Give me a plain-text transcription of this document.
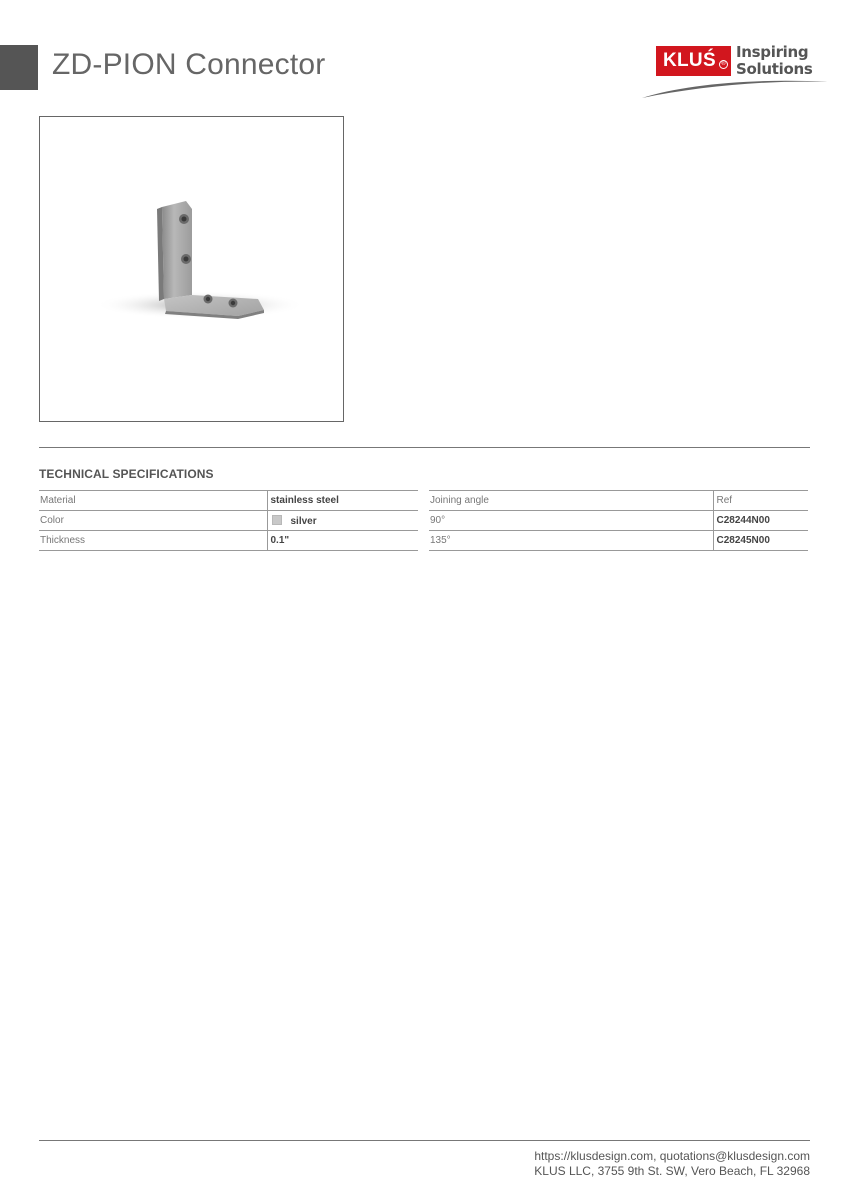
ZD-PION Connector	KLUŚ ®
Inspiring
Solutions
TECHNICAL SPECIFICATIONS
Material	stainless steel
Color	silver
Thickness	0.1"
Joining angle	Ref
90°	C28244N00
135°	C28245N00
https://klusdesign.com, quotations@klusdesign.com
KLUS LLC, 3755 9th St. SW, Vero Beach, FL 32968
